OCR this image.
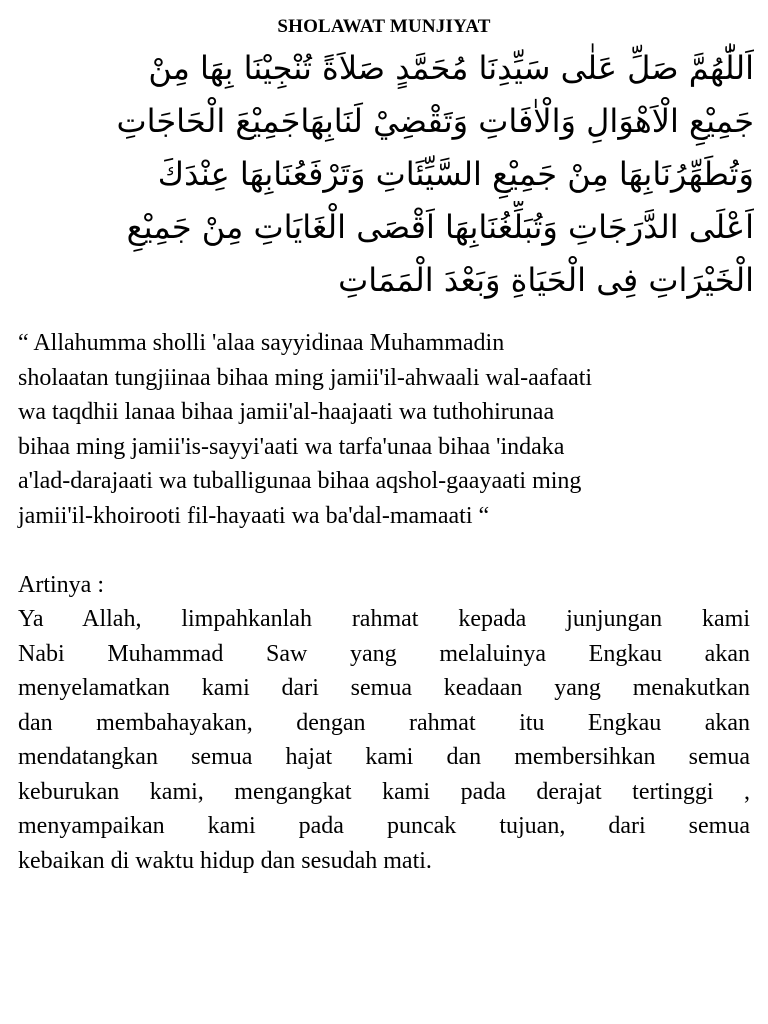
SHOLAWAT MUNJIYAT
اَللّٰهُمَّ صَلِّ عَلٰى سَيِّدِنَا مُحَمَّدٍ صَلاَةً تُنْجِيْنَا بِهَا مِنْ
جَمِيْعِ الْاَهْوَالِ وَالْاٰفَاتِ وَتَقْضِيْ لَنَابِهَاجَمِيْعَ الْحَاجَاتِ
وَتُطَهِّرُنَابِهَا مِنْ جَمِيْعِ السَّيِّئَاتِ وَتَرْفَعُنَابِهَا عِنْدَكَ
اَعْلَى الدَّرَجَاتِ وَتُبَلِّغُنَابِهَا اَقْصَى الْغَايَاتِ مِنْ جَمِيْعِ
الْخَيْرَاتِ فِى الْحَيَاةِ وَبَعْدَ الْمَمَاتِ
“ Allahumma sholli 'alaa sayyidinaa Muhammadin
sholaatan tungjiinaa bihaa ming jamii'il-ahwaali wal-aafaati
wa taqdhii lanaa bihaa jamii'al-haajaati wa tuthohirunaa
bihaa ming jamii'is-sayyi'aati wa tarfa'unaa bihaa 'indaka
a'lad-darajaati wa tuballigunaa bihaa aqshol-gaayaati ming
jamii'il-khoirooti fil-hayaati wa ba'dal-mamaati “
Artinya :
Ya Allah, limpahkanlah rahmat kepada junjungan kami
Nabi Muhammad Saw yang melaluinya Engkau akan
menyelamatkan kami dari semua keadaan yang menakutkan
dan membahayakan, dengan rahmat itu Engkau akan
mendatangkan semua hajat kami dan membersihkan semua
keburukan kami, mengangkat kami pada derajat tertinggi ,
menyampaikan kami pada puncak tujuan, dari semua
kebaikan di waktu hidup dan sesudah mati.
